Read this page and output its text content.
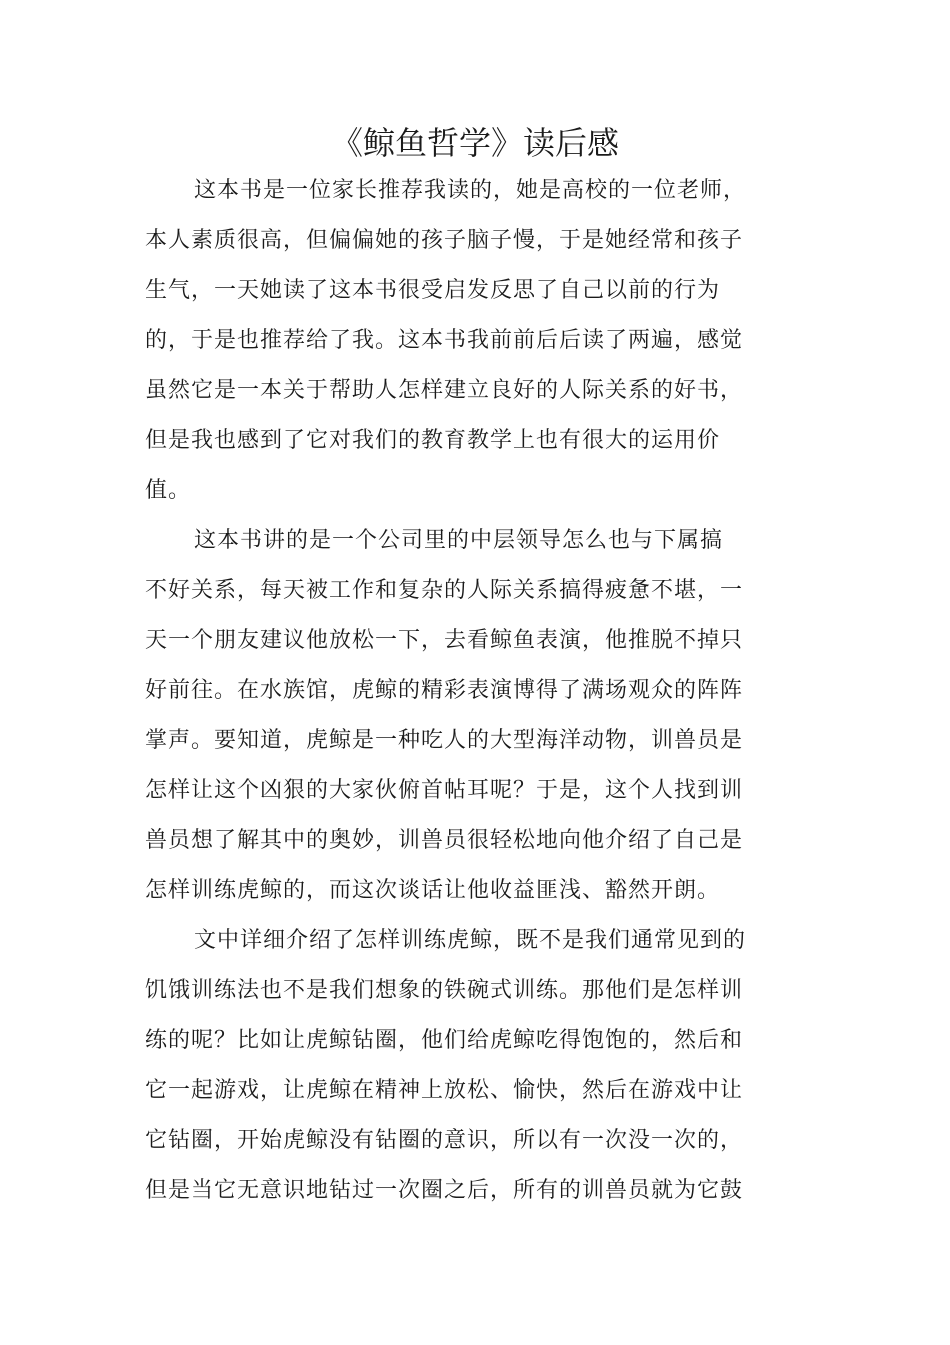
《鲸鱼哲学》读后感

这本书是一位家长推荐我读的，她是高校的一位老师，

本人素质很高，但偏偏她的孩子脑子慢，于是她经常和孩子

生气，一天她读了这本书很受启发反思了自己以前的行为

的，于是也推荐给了我。这本书我前前后后读了两遍，感觉

虽然它是一本关于帮助人怎样建立良好的人际关系的好书，

但是我也感到了它对我们的教育教学上也有很大的运用价

值。

这本书讲的是一个公司里的中层领导怎么也与下属搞

不好关系，每天被工作和复杂的人际关系搞得疲惫不堪，一

天一个朋友建议他放松一下，去看鲸鱼表演，他推脱不掉只

好前往。在水族馆，虎鲸的精彩表演博得了满场观众的阵阵

掌声。要知道，虎鲸是一种吃人的大型海洋动物，训兽员是

怎样让这个凶狠的大家伙俯首帖耳呢？于是，这个人找到训

兽员想了解其中的奥妙，训兽员很轻松地向他介绍了自己是

怎样训练虎鲸的，而这次谈话让他收益匪浅、豁然开朗。

文中详细介绍了怎样训练虎鲸，既不是我们通常见到的

饥饿训练法也不是我们想象的铁碗式训练。那他们是怎样训

练的呢？比如让虎鲸钻圈，他们给虎鲸吃得饱饱的，然后和

它一起游戏，让虎鲸在精神上放松、愉快，然后在游戏中让

它钻圈，开始虎鲸没有钻圈的意识，所以有一次没一次的，

但是当它无意识地钻过一次圈之后，所有的训兽员就为它鼓
